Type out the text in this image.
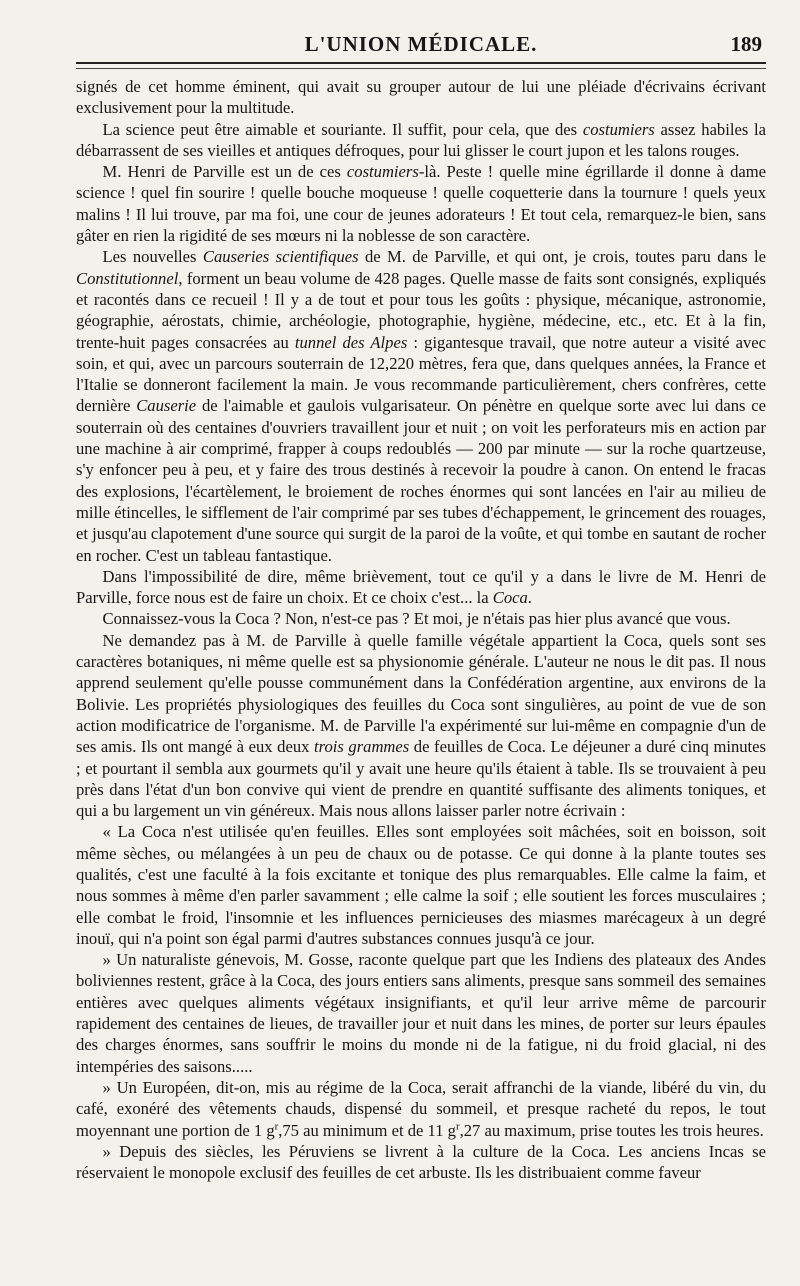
L'UNION MÉDICALE.	189

signés de cet homme éminent, qui avait su grouper autour de lui une pléiade d'écrivains écrivant exclusivement pour la multitude.

La science peut être aimable et souriante. Il suffit, pour cela, que des costumiers assez habiles la débarrassent de ses vieilles et antiques défroques, pour lui glisser le court jupon et les talons rouges.

M. Henri de Parville est un de ces costumiers-là. Peste ! quelle mine égrillarde il donne à dame science ! quel fin sourire ! quelle bouche moqueuse ! quelle coquetterie dans la tournure ! quels yeux malins ! Il lui trouve, par ma foi, une cour de jeunes adorateurs ! Et tout cela, remarquez-le bien, sans gâter en rien la rigidité de ses mœurs ni la noblesse de son caractère.

Les nouvelles Causeries scientifiques de M. de Parville, et qui ont, je crois, toutes paru dans le Constitutionnel, forment un beau volume de 428 pages. Quelle masse de faits sont consignés, expliqués et racontés dans ce recueil ! Il y a de tout et pour tous les goûts : physique, mécanique, astronomie, géographie, aérostats, chimie, archéologie, photographie, hygiène, médecine, etc., etc. Et à la fin, trente-huit pages consacrées au tunnel des Alpes : gigantesque travail, que notre auteur a visité avec soin, et qui, avec un parcours souterrain de 12,220 mètres, fera que, dans quelques années, la France et l'Italie se donneront facilement la main. Je vous recommande particulièrement, chers confrères, cette dernière Causerie de l'aimable et gaulois vulgarisateur. On pénètre en quelque sorte avec lui dans ce souterrain où des centaines d'ouvriers travaillent jour et nuit ; on voit les perforateurs mis en action par une machine à air comprimé, frapper à coups redoublés — 200 par minute — sur la roche quartzeuse, s'y enfoncer peu à peu, et y faire des trous destinés à recevoir la poudre à canon. On entend le fracas des explosions, l'écartèlement, le broiement de roches énormes qui sont lancées en l'air au milieu de mille étincelles, le sifflement de l'air comprimé par ses tubes d'échappement, le grincement des rouages, et jusqu'au clapotement d'une source qui surgit de la paroi de la voûte, et qui tombe en sautant de rocher en rocher. C'est un tableau fantastique.

Dans l'impossibilité de dire, même brièvement, tout ce qu'il y a dans le livre de M. Henri de Parville, force nous est de faire un choix. Et ce choix c'est... la Coca.

Connaissez-vous la Coca ? Non, n'est-ce pas ? Et moi, je n'étais pas hier plus avancé que vous.

Ne demandez pas à M. de Parville à quelle famille végétale appartient la Coca, quels sont ses caractères botaniques, ni même quelle est sa physionomie générale. L'auteur ne nous le dit pas. Il nous apprend seulement qu'elle pousse communément dans la Confédération argentine, aux environs de la Bolivie. Les propriétés physiologiques des feuilles du Coca sont singulières, au point de vue de son action modificatrice de l'organisme. M. de Parville l'a expérimenté sur lui-même en compagnie d'un de ses amis. Ils ont mangé à eux deux trois grammes de feuilles de Coca. Le déjeuner a duré cinq minutes ; et pourtant il sembla aux gourmets qu'il y avait une heure qu'ils étaient à table. Ils se trouvaient à peu près dans l'état d'un bon convive qui vient de prendre en quantité suffisante des aliments toniques, et qui a bu largement un vin généreux. Mais nous allons laisser parler notre écrivain :

« La Coca n'est utilisée qu'en feuilles. Elles sont employées soit mâchées, soit en boisson, soit même sèches, ou mélangées à un peu de chaux ou de potasse. Ce qui donne à la plante toutes ses qualités, c'est une faculté à la fois excitante et tonique des plus remarquables. Elle calme la faim, et nous sommes à même d'en parler savamment ; elle calme la soif ; elle soutient les forces musculaires ; elle combat le froid, l'insomnie et les influences pernicieuses des miasmes marécageux à un degré inouï, qui n'a point son égal parmi d'autres substances connues jusqu'à ce jour.

» Un naturaliste génevois, M. Gosse, raconte quelque part que les Indiens des plateaux des Andes boliviennes restent, grâce à la Coca, des jours entiers sans aliments, presque sans sommeil des semaines entières avec quelques aliments végétaux insignifiants, et qu'il leur arrive même de parcourir rapidement des centaines de lieues, de travailler jour et nuit dans les mines, de porter sur leurs épaules des charges énormes, sans souffrir le moins du monde ni de la fatigue, ni du froid glacial, ni des intempéries des saisons.....

» Un Européen, dit-on, mis au régime de la Coca, serait affranchi de la viande, libéré du vin, du café, exonéré des vêtements chauds, dispensé du sommeil, et presque racheté du repos, le tout moyennant une portion de 1 $g^r,75$ au minimum et de 11 $g^r,27$ au maximum, prise toutes les trois heures.

» Depuis des siècles, les Péruviens se livrent à la culture de la Coca. Les anciens Incas se réservaient le monopole exclusif des feuilles de cet arbuste. Ils les distribuaient comme faveur
